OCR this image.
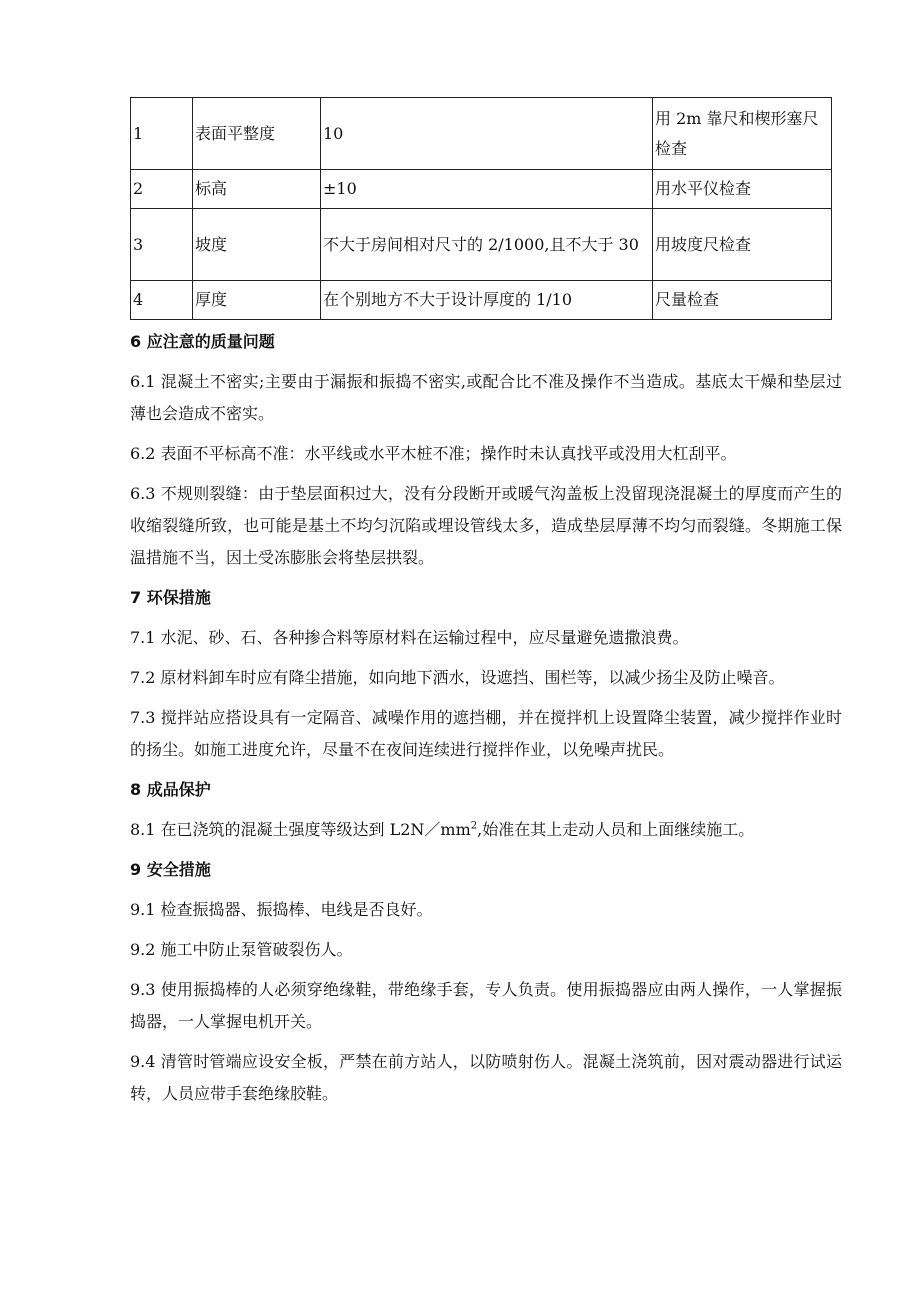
1	表面平整度	10	用 2m 靠尺和楔形塞尺检查
2	标高	±10	用水平仪检查
3	坡度	不大于房间相对尺寸的 2/1000,且不大于 30	用坡度尺检查
4	厚度	在个别地方不大于设计厚度的 1/10	尺量检查

6 应注意的质量问题

6.1 混凝土不密实;主要由于漏振和振捣不密实,或配合比不准及操作不当造成。基底太干燥和垫层过薄也会造成不密实。

6.2 表面不平标高不准：水平线或水平木桩不准；操作时未认真找平或没用大杠刮平。

6.3 不规则裂缝：由于垫层面积过大，没有分段断开或暖气沟盖板上没留现浇混凝土的厚度而产生的收缩裂缝所致，也可能是基土不均匀沉陷或埋设管线太多，造成垫层厚薄不均匀而裂缝。冬期施工保温措施不当，因土受冻膨胀会将垫层拱裂。

7 环保措施

7.1 水泥、砂、石、各种掺合料等原材料在运输过程中，应尽量避免遗撒浪费。

7.2 原材料卸车时应有降尘措施，如向地下洒水，设遮挡、围栏等，以减少扬尘及防止噪音。

7.3 搅拌站应搭设具有一定隔音、减噪作用的遮挡棚，并在搅拌机上设置降尘装置，减少搅拌作业时的扬尘。如施工进度允许，尽量不在夜间连续进行搅拌作业，以免噪声扰民。

8 成品保护

8.1 在已浇筑的混凝土强度等级达到 $L2N/mm^2$,始准在其上走动人员和上面继续施工。

9 安全措施

9.1 检查振捣器、振捣棒、电线是否良好。

9.2 施工中防止泵管破裂伤人。

9.3 使用振捣棒的人必须穿绝缘鞋，带绝缘手套，专人负责。使用振捣器应由两人操作，一人掌握振捣器，一人掌握电机开关。

9.4 清管时管端应设安全板，严禁在前方站人，以防喷射伤人。混凝土浇筑前，因对震动器进行试运转，人员应带手套绝缘胶鞋。
